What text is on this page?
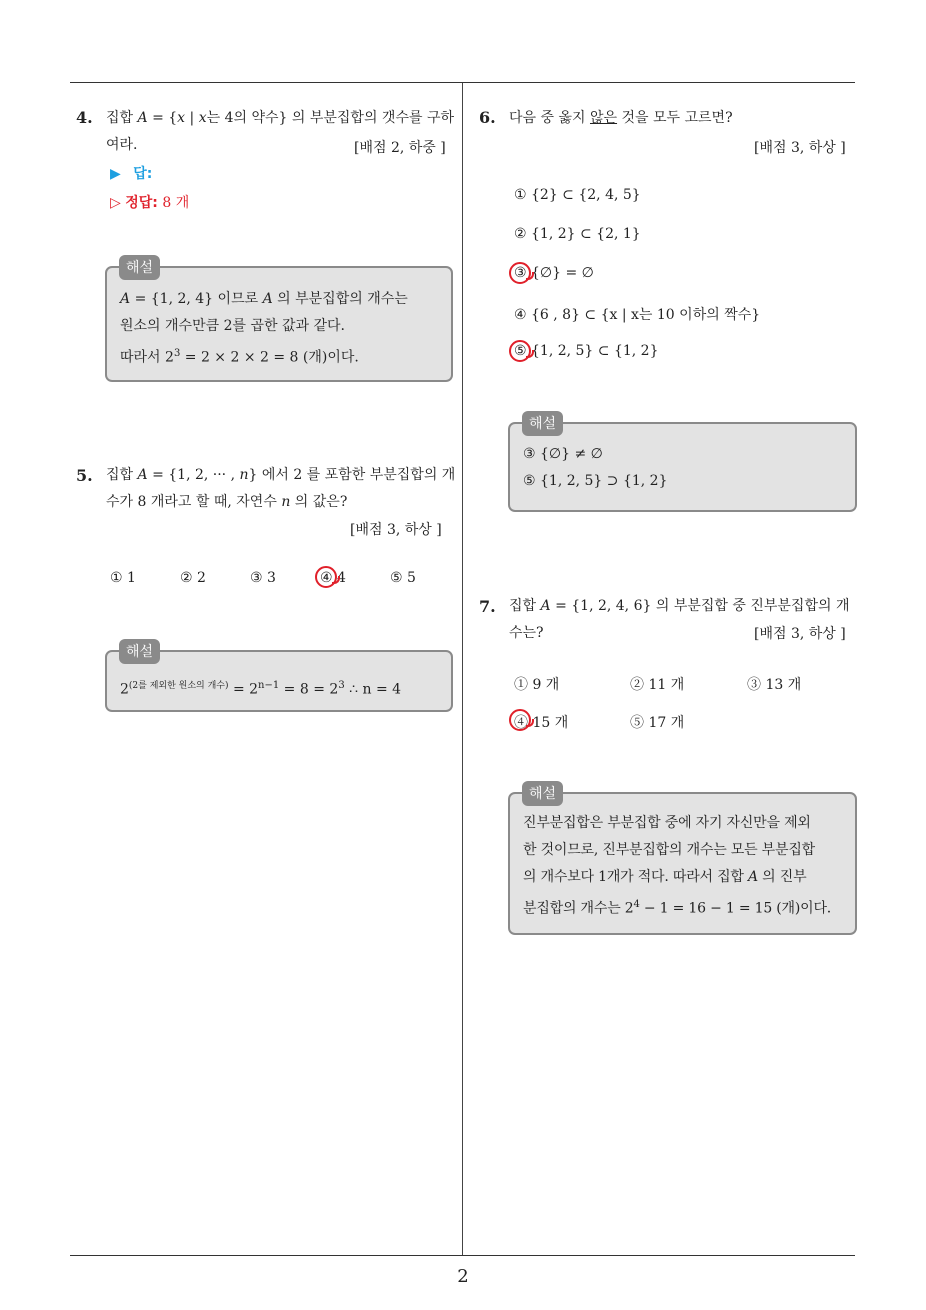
4. 집합 A = {x | x는 4의 약수} 의 부분집합의 갯수를 구하여라.	[배점 2, 하중 ]
▶ 답:
▷ 정답: 8 개
해설
A = {1, 2, 4} 이므로 A 의 부분집합의 개수는
원소의 개수만큼 2를 곱한 값과 같다.
따라서 $2^3 = 2 \times 2 \times 2 = 8$ (개)이다.
5. 집합 A = {1, 2, ··· , n} 에서 2 를 포함한 부분집합의 개수가 8 개라고 할 때, 자연수 n 의 값은?
[배점 3, 하상 ]
① 1	② 2	③ 3	④ 4	⑤ 5
해설
$2^{(2를 제외한 원소의 개수)} = 2^{n-1} = 8 = 2^3$ ∴ n = 4
6. 다음 중 옳지 않은 것을 모두 고르면?
[배점 3, 하상 ]
① {2} ⊂ {2, 4, 5}
② {1, 2} ⊂ {2, 1}
③ {∅} = ∅
④ {6 , 8} ⊂ {x | x는 10 이하의 짝수}
⑤ {1, 2, 5} ⊂ {1, 2}
해설
③ {∅} ≠ ∅
⑤ {1, 2, 5} ⊃ {1, 2}
7. 집합 A = {1, 2, 4, 6} 의 부분집합 중 진부분집합의 개수는?	[배점 3, 하상 ]
① 9 개	② 11 개	③ 13 개
④ 15 개	⑤ 17 개
해설
진부분집합은 부분집합 중에 자기 자신만을 제외
한 것이므로, 진부분집합의 개수는 모든 부분집합
의 개수보다 1개가 적다. 따라서 집합 A 의 진부
분집합의 개수는 $2^4 - 1 = 16 - 1 = 15$ (개)이다.
2
